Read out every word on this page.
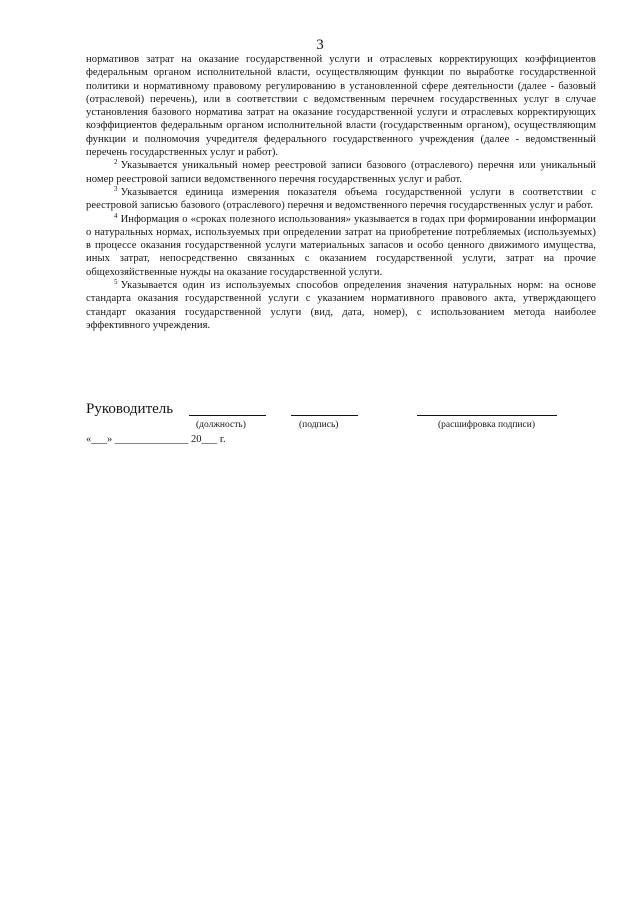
3

нормативов затрат на оказание государственной услуги и отраслевых корректирующих коэффициентов федеральным органом исполнительной власти, осуществляющим функции по выработке государственной политики и нормативному правовому регулированию в установленной сфере деятельности (далее - базовый (отраслевой) перечень), или в соответствии с ведомственным перечнем государственных услуг в случае установления базового норматива затрат на оказание государственной услуги и отраслевых корректирующих коэффициентов федеральным органом исполнительной власти (государственным органом), осуществляющим функции и полномочия учредителя федерального государственного учреждения (далее - ведомственный перечень государственных услуг и работ).

$^2$ Указывается уникальный номер реестровой записи базового (отраслевого) перечня или уникальный номер реестровой записи ведомственного перечня государственных услуг и работ.

$^3$ Указывается единица измерения показателя объема государственной услуги в соответствии с реестровой записью базового (отраслевого) перечня и ведомственного перечня государственных услуг и работ.

$^4$ Информация о «сроках полезного использования» указывается в годах при формировании информации о натуральных нормах, используемых при определении затрат на приобретение потребляемых (используемых) в процессе оказания государственной услуги материальных запасов и особо ценного движимого имущества, иных затрат, непосредственно связанных с оказанием государственной услуги, затрат на прочие общехозяйственные нужды на оказание государственной услуги.

$^5$ Указывается один из используемых способов определения значения натуральных норм: на основе стандарта оказания государственной услуги с указанием нормативного правового акта, утверждающего стандарт оказания государственной услуги (вид, дата, номер), с использованием метода наиболее эффективного учреждения.

Руководитель
(должность)	(подпись)	(расшифровка подписи)
«___» ______________ 20___ г.
